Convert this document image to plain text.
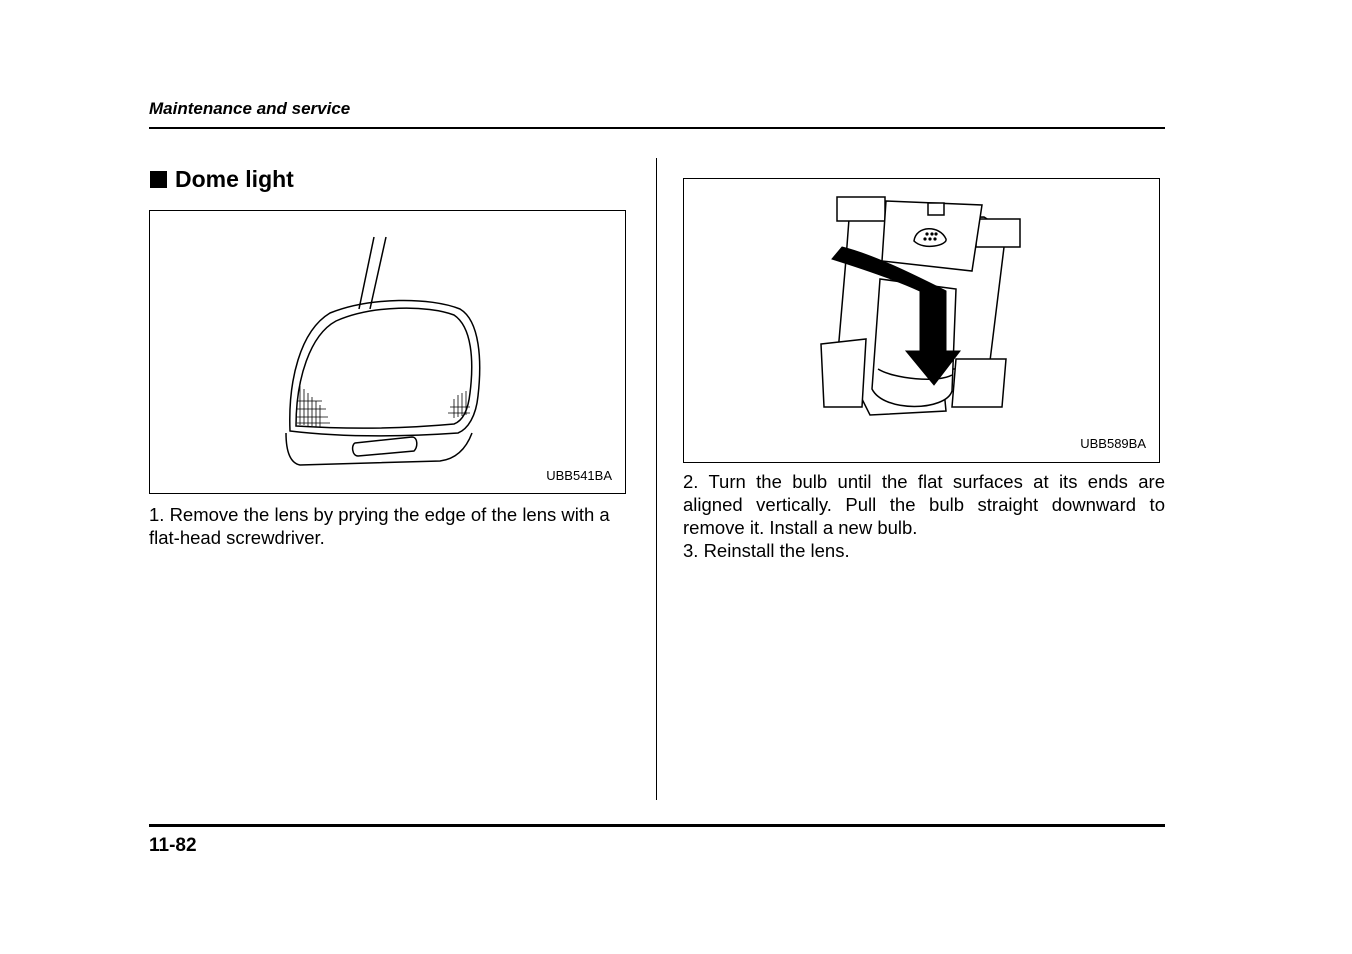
Maintenance and service
Dome light
UBB541BA
1. Remove the lens by prying the edge of the lens with a flat-head screwdriver.
UBB589BA
2. Turn the bulb until the flat surfaces at its ends are aligned vertically. Pull the bulb straight downward to remove it. Install a new bulb.
3. Reinstall the lens.
11-82
